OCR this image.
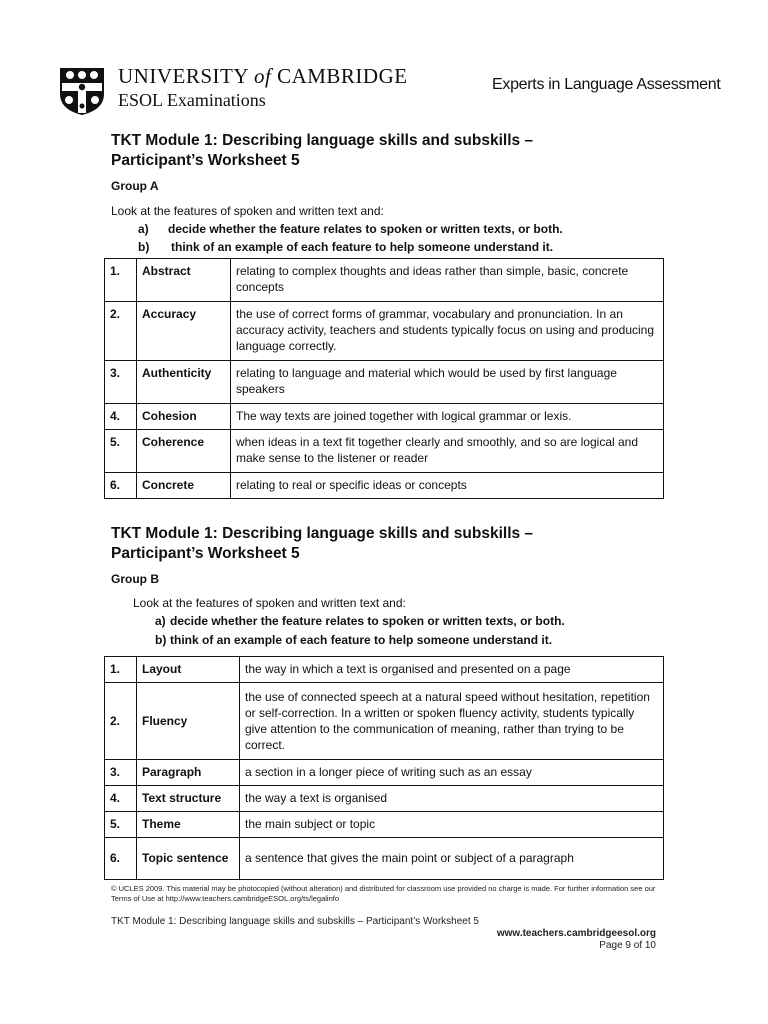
UNIVERSITY of CAMBRIDGE
ESOL Examinations
Experts in Language Assessment
TKT Module 1: Describing language skills and subskills –
Participant’s Worksheet 5
Group A
Look at the features of spoken and written text and:
a) decide whether the feature relates to spoken or written texts, or both.
b) think of an example of each feature to help someone understand it.
1.	Abstract	relating to complex thoughts and ideas rather than simple, basic, concrete concepts
2.	Accuracy	the use of correct forms of grammar, vocabulary and pronunciation. In an accuracy activity, teachers and students typically focus on using and producing language correctly.
3.	Authenticity	relating to language and material which would be used by first language speakers
4.	Cohesion	The way texts are joined together with logical grammar or lexis.
5.	Coherence	when ideas in a text fit together clearly and smoothly, and so are logical and make sense to the listener or reader
6.	Concrete	relating to real or specific ideas or concepts
TKT Module 1: Describing language skills and subskills –
Participant’s Worksheet 5
Group B
Look at the features of spoken and written text and:
a) decide whether the feature relates to spoken or written texts, or both.
b) think of an example of each feature to help someone understand it.
1.	Layout	the way in which a text is organised and presented on a page
2.	Fluency	the use of connected speech at a natural speed without hesitation, repetition or self-correction. In a written or spoken fluency activity, students typically give attention to the communication of meaning, rather than trying to be correct.
3.	Paragraph	a section in a longer piece of writing such as an essay
4.	Text structure	the way a text is organised
5.	Theme	the main subject or topic
6.	Topic sentence	a sentence that gives the main point or subject of a paragraph
© UCLES 2009. This material may be photocopied (without alteration) and distributed for classroom use provided no charge is made. For further information see our Terms of Use at http://www.teachers.cambridgeESOL.org/ts/legalinfo
TKT Module 1: Describing language skills and subskills – Participant’s Worksheet 5
www.teachers.cambridgeesol.org
Page 9 of 10
